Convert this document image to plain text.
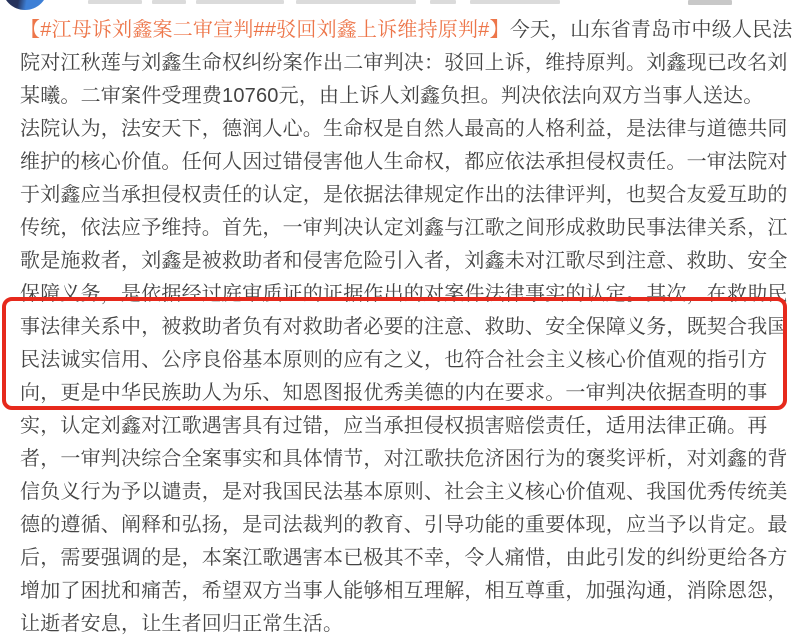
【#江母诉刘鑫案二审宣判##驳回刘鑫上诉维持原判#】今天，山东省青岛市中级人民法
院对江秋莲与刘鑫生命权纠纷案作出二审判决：驳回上诉，维持原判。刘鑫现已改名刘
某曦。二审案件受理费10760元，由上诉人刘鑫负担。判决依法向双方当事人送达。
法院认为，法安天下，德润人心。生命权是自然人最高的人格利益，是法律与道德共同
维护的核心价值。任何人因过错侵害他人生命权，都应依法承担侵权责任。一审法院对
于刘鑫应当承担侵权责任的认定，是依据法律规定作出的法律评判，也契合友爱互助的
传统，依法应予维持。首先，一审判决认定刘鑫与江歌之间形成救助民事法律关系，江
歌是施救者，刘鑫是被救助者和侵害危险引入者，刘鑫未对江歌尽到注意、救助、安全
保障义务，是依据经过庭审质证的证据作出的对案件法律事实的认定。其次，在救助民
事法律关系中，被救助者负有对救助者必要的注意、救助、安全保障义务，既契合我国
民法诚实信用、公序良俗基本原则的应有之义，也符合社会主义核心价值观的指引方
向，更是中华民族助人为乐、知恩图报优秀美德的内在要求。一审判决依据查明的事
实，认定刘鑫对江歌遇害具有过错，应当承担侵权损害赔偿责任，适用法律正确。再
者，一审判决综合全案事实和具体情节，对江歌扶危济困行为的褒奖评析，对刘鑫的背
信负义行为予以谴责，是对我国民法基本原则、社会主义核心价值观、我国优秀传统美
德的遵循、阐释和弘扬，是司法裁判的教育、引导功能的重要体现，应当予以肯定。最
后，需要强调的是，本案江歌遇害本已极其不幸，令人痛惜，由此引发的纠纷更给各方
增加了困扰和痛苦，希望双方当事人能够相互理解，相互尊重，加强沟通，消除恩怨，
让逝者安息，让生者回归正常生活。
